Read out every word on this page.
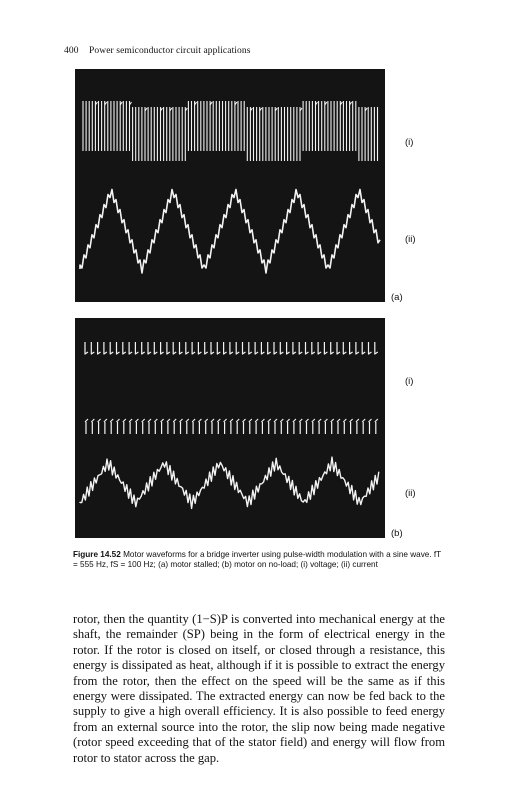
400 Power semiconductor circuit applications
(i)
(ii)
(a)
(i)
(ii)
(b)
Figure 14.52 Motor waveforms for a bridge inverter using pulse-width modulation with a sine wave. fT = 555 Hz, fS = 100 Hz; (a) motor stalled; (b) motor on no-load; (i) voltage; (ii) current

rotor, then the quantity (1−S)P is converted into mechanical energy at the shaft, the remainder (SP) being in the form of electrical energy in the rotor. If the rotor is closed on itself, or closed through a resistance, this energy is dissipated as heat, although if it is possible to extract the energy from the rotor, then the effect on the speed will be the same as if this energy were dissipated. The extracted energy can now be fed back to the supply to give a high overall efficiency. It is also possible to feed energy from an external source into the rotor, the slip now being made negative (rotor speed exceeding that of the stator field) and energy will flow from rotor to stator across the gap.
